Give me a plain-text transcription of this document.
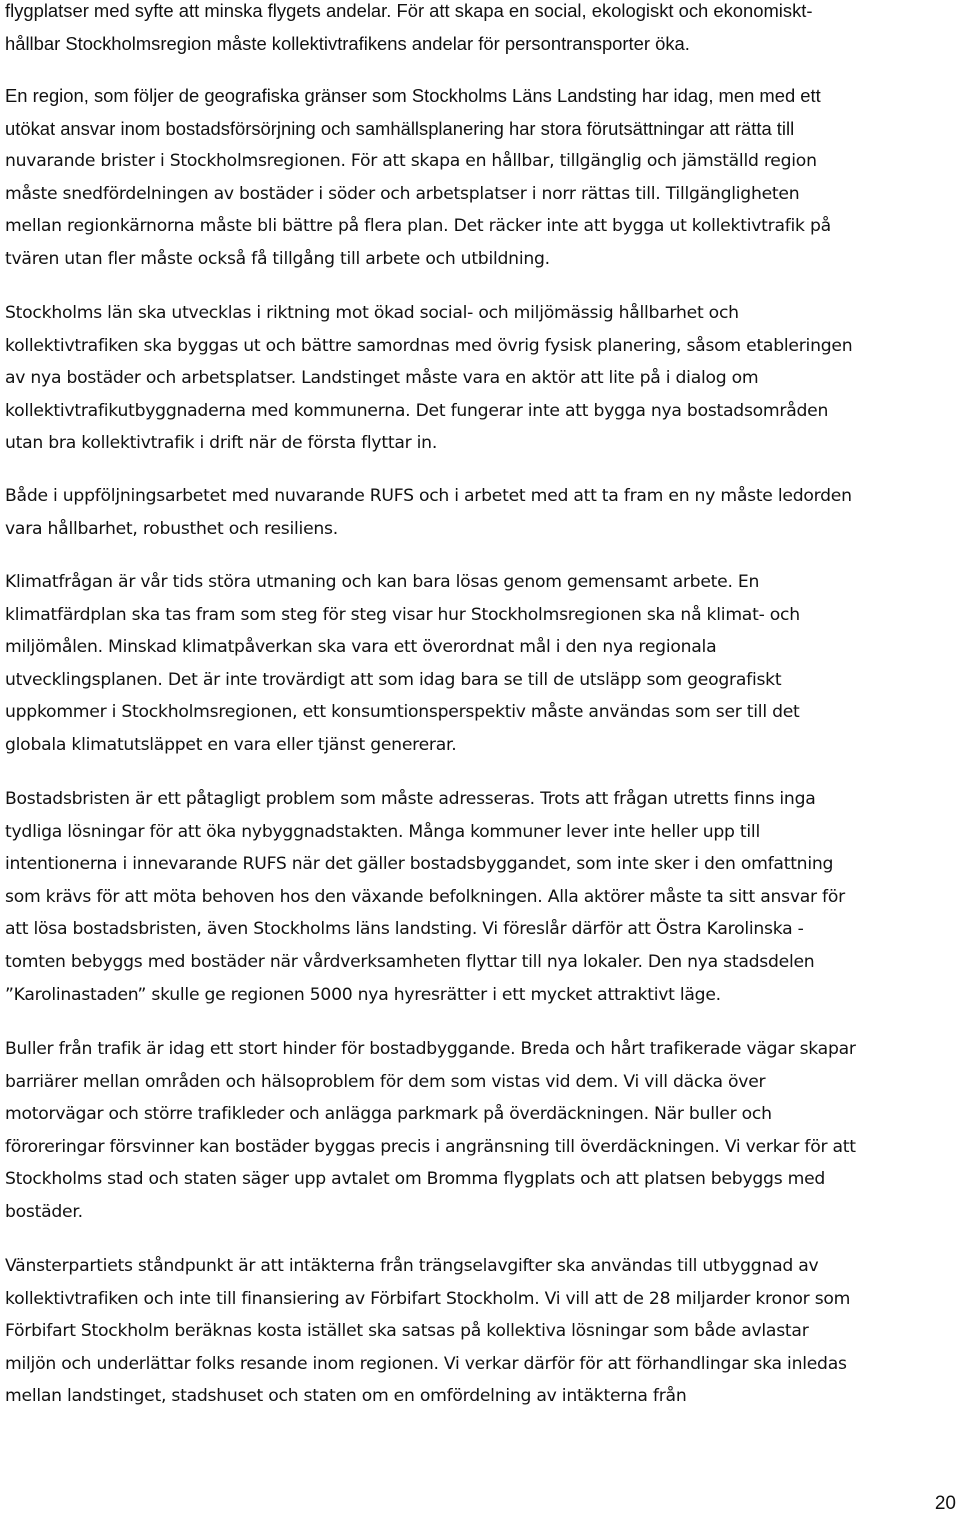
flygplatser med syfte att minska flygets andelar. För att skapa en social, ekologiskt och ekonomiskt-
hållbar Stockholmsregion måste kollektivtrafikens andelar för persontransporter öka.
En region, som följer de geografiska gränser som Stockholms Läns Landsting har idag, men med ett
utökat ansvar inom bostadsförsörjning och samhällsplanering har stora förutsättningar att rätta till
nuvarande brister i Stockholmsregionen. För att skapa en hållbar, tillgänglig och jämställd region
måste snedfördelningen av bostäder i söder och arbetsplatser i norr rättas till. Tillgängligheten
mellan regionkärnorna måste bli bättre på flera plan. Det räcker inte att bygga ut kollektivtrafik på
tvären utan fler måste också få tillgång till arbete och utbildning.
Stockholms län ska utvecklas i riktning mot ökad social- och miljömässig hållbarhet och
kollektivtrafiken ska byggas ut och bättre samordnas med övrig fysisk planering, såsom etableringen
av nya bostäder och arbetsplatser. Landstinget måste vara en aktör att lite på i dialog om
kollektivtrafikutbyggnaderna med kommunerna. Det fungerar inte att bygga nya bostadsområden
utan bra kollektivtrafik i drift när de första flyttar in.
Både i uppföljningsarbetet med nuvarande RUFS och i arbetet med att ta fram en ny måste ledorden
vara hållbarhet, robusthet och resiliens.
Klimatfrågan är vår tids störa utmaning och kan bara lösas genom gemensamt arbete. En
klimatfärdplan ska tas fram som steg för steg visar hur Stockholmsregionen ska nå klimat- och
miljömålen. Minskad klimatpåverkan ska vara ett överordnat mål i den nya regionala
utvecklingsplanen. Det är inte trovärdigt att som idag bara se till de utsläpp som geografiskt
uppkommer i Stockholmsregionen, ett konsumtionsperspektiv måste användas som ser till det
globala klimatutsläppet en vara eller tjänst genererar.
Bostadsbristen är ett påtagligt problem som måste adresseras. Trots att frågan utretts finns inga
tydliga lösningar för att öka nybyggnadstakten. Många kommuner lever inte heller upp till
intentionerna i innevarande RUFS när det gäller bostadsbyggandet, som inte sker i den omfattning
som krävs för att möta behoven hos den växande befolkningen. Alla aktörer måste ta sitt ansvar för
att lösa bostadsbristen, även Stockholms läns landsting. Vi föreslår därför att Östra Karolinska -
tomten bebyggs med bostäder när vårdverksamheten flyttar till nya lokaler. Den nya stadsdelen
”Karolinastaden” skulle ge regionen 5000 nya hyresrätter i ett mycket attraktivt läge.
Buller från trafik är idag ett stort hinder för bostadbyggande. Breda och hårt trafikerade vägar skapar
barriärer mellan områden och hälsoproblem för dem som vistas vid dem. Vi vill däcka över
motorvägar och större trafikleder och anlägga parkmark på överdäckningen. När buller och
föroreringar försvinner kan bostäder byggas precis i angränsning till överdäckningen. Vi verkar för att
Stockholms stad och staten säger upp avtalet om Bromma flygplats och att platsen bebyggs med
bostäder.
Vänsterpartiets ståndpunkt är att intäkterna från trängselavgifter ska användas till utbyggnad av
kollektivtrafiken och inte till finansiering av Förbifart Stockholm. Vi vill att de 28 miljarder kronor som
Förbifart Stockholm beräknas kosta istället ska satsas på kollektiva lösningar som både avlastar
miljön och underlättar folks resande inom regionen. Vi verkar därför för att förhandlingar ska inledas
mellan landstinget, stadshuset och staten om en omfördelning av intäkterna från
20
